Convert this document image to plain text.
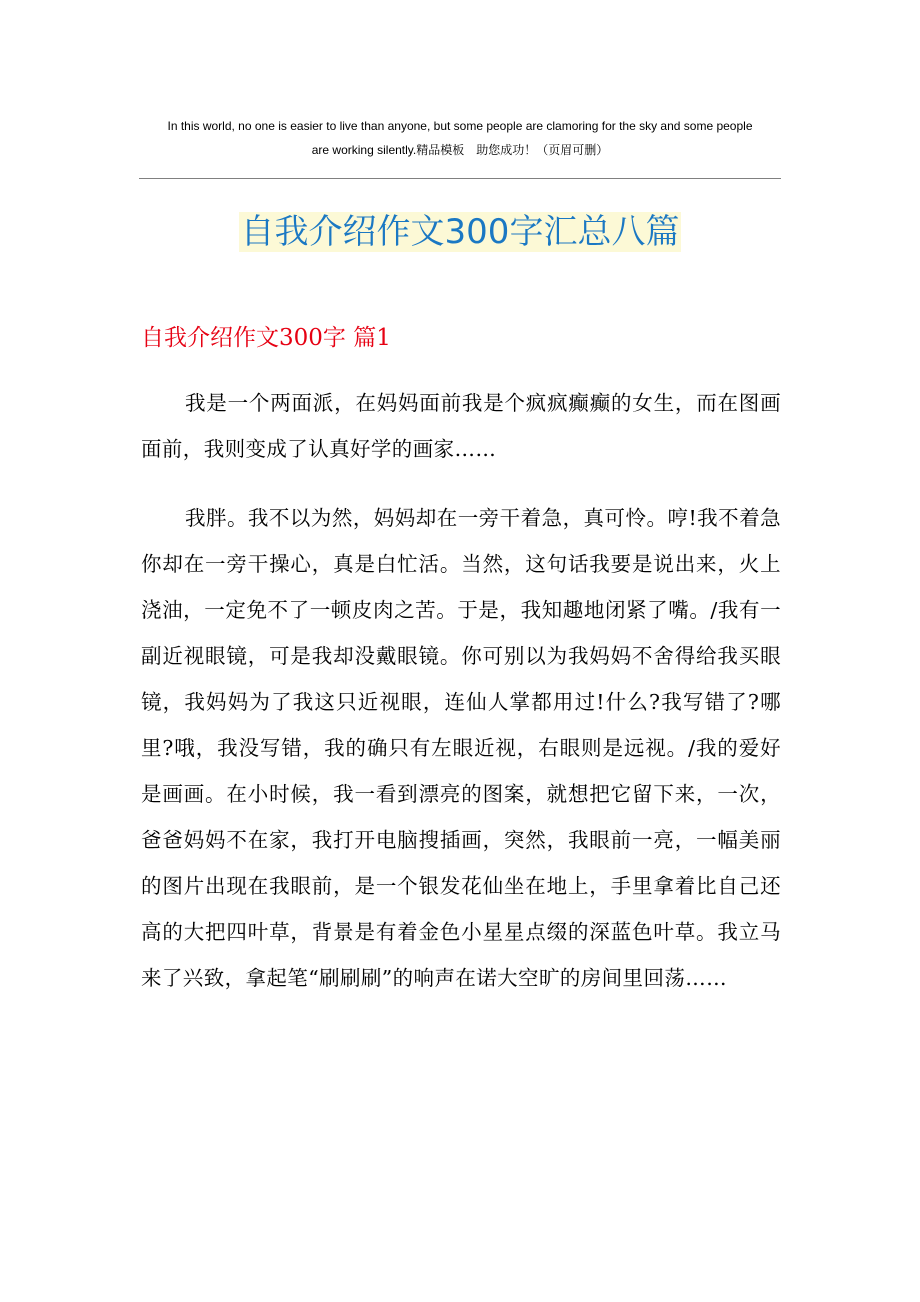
In this world, no one is easier to live than anyone, but some people are clamoring for the sky and some people
are working silently.精品模板　助您成功！（页眉可删）
自我介绍作文300字汇总八篇
自我介绍作文300字 篇1

我是一个两面派，在妈妈面前我是个疯疯癫癫的女生，而在图画面前，我则变成了认真好学的画家……

我胖。我不以为然，妈妈却在一旁干着急，真可怜。哼!我不着急你却在一旁干操心，真是白忙活。当然，这句话我要是说出来，火上浇油，一定免不了一顿皮肉之苦。于是，我知趣地闭紧了嘴。/我有一副近视眼镜，可是我却没戴眼镜。你可别以为我妈妈不舍得给我买眼镜，我妈妈为了我这只近视眼，连仙人掌都用过!什么?我写错了?哪里?哦，我没写错，我的确只有左眼近视，右眼则是远视。/我的爱好是画画。在小时候，我一看到漂亮的图案，就想把它留下来，一次，爸爸妈妈不在家，我打开电脑搜插画，突然，我眼前一亮，一幅美丽的图片出现在我眼前，是一个银发花仙坐在地上，手里拿着比自己还高的大把四叶草，背景是有着金色小星星点缀的深蓝色叶草。我立马来了兴致，拿起笔“刷刷刷”的响声在诺大空旷的房间里回荡……
